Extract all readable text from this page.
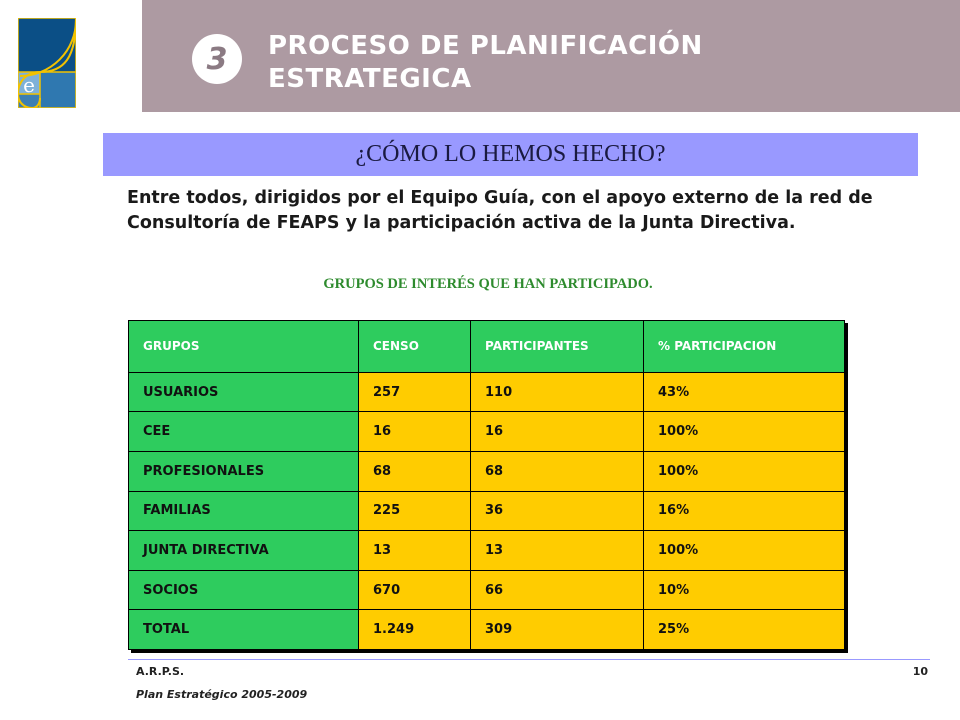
e
3 PROCESO DE PLANIFICACIÓN
ESTRATEGICA
¿CÓMO LO HEMOS HECHO?
Entre todos, dirigidos por el Equipo Guía, con el apoyo externo de la red de Consultoría de FEAPS y la participación activa de la Junta Directiva.
GRUPOS DE INTERÉS QUE HAN PARTICIPADO.
GRUPOS	CENSO	PARTICIPANTES	% PARTICIPACION
USUARIOS	257	110	43%
CEE	16	16	100%
PROFESIONALES	68	68	100%
FAMILIAS	225	36	16%
JUNTA DIRECTIVA	13	13	100%
SOCIOS	670	66	10%
TOTAL	1.249	309	25%
A.R.P.S.	10
Plan Estratégico 2005-2009
